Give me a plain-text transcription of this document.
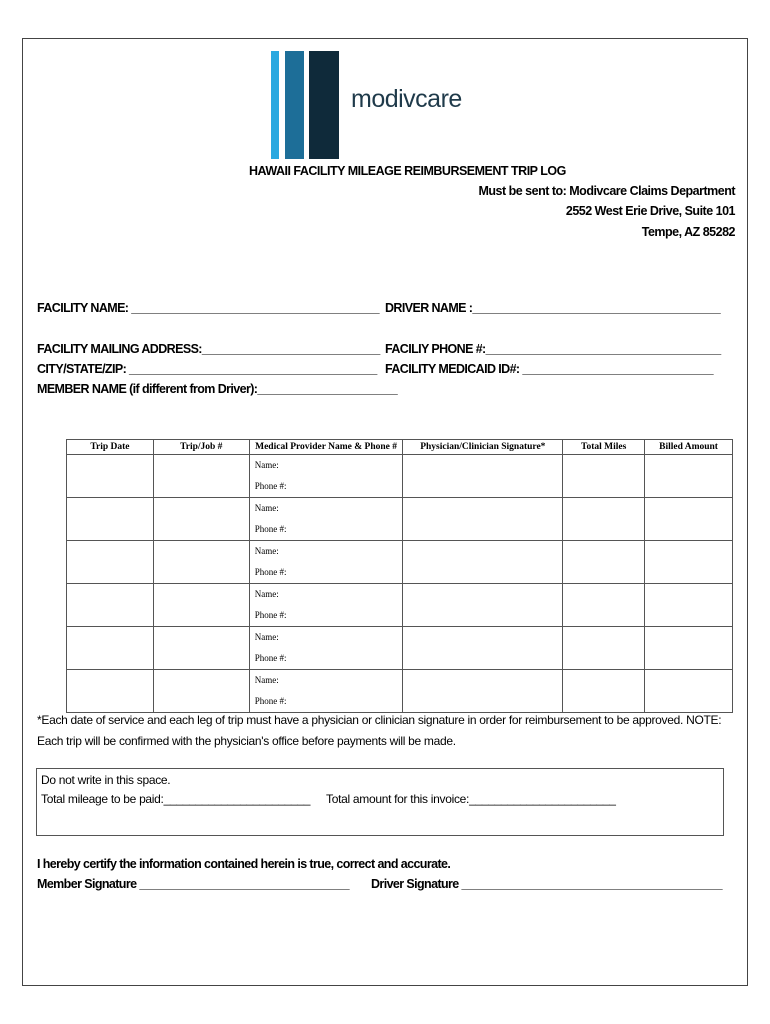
modivcare
HAWAII FACILITY MILEAGE REIMBURSEMENT TRIP LOG
Must be sent to: Modivcare Claims Department
2552 West Erie Drive, Suite 101
Tempe, AZ 85282
FACILITY NAME: _______________________________________ DRIVER NAME :_______________________________________
FACILITY MAILING ADDRESS:____________________________ FACILIY PHONE #:_____________________________________
CITY/STATE/ZIP: _______________________________________ FACILITY MEDICAID ID#: ______________________________
MEMBER NAME (if different from Driver):______________________
Trip Date	Trip/Job #	Medical Provider Name & Phone #	Physician/Clinician Signature*	Total Miles	Billed Amount

		Name:
Phone #:			

		Name:
Phone #:			

		Name:
Phone #:			

		Name:
Phone #:			

		Name:
Phone #:			

		Name:
Phone #:			

*Each date of service and each leg of trip must have a physician or clinician signature in order for reimbursement to be approved. NOTE: Each trip will be confirmed with the physician's office before payments will be made.
Do not write in this space.
Total mileage to be paid:_______________________ Total amount for this invoice:_______________________
I hereby certify the information contained herein is true, correct and accurate.
Member Signature _________________________________ Driver Signature _________________________________________
